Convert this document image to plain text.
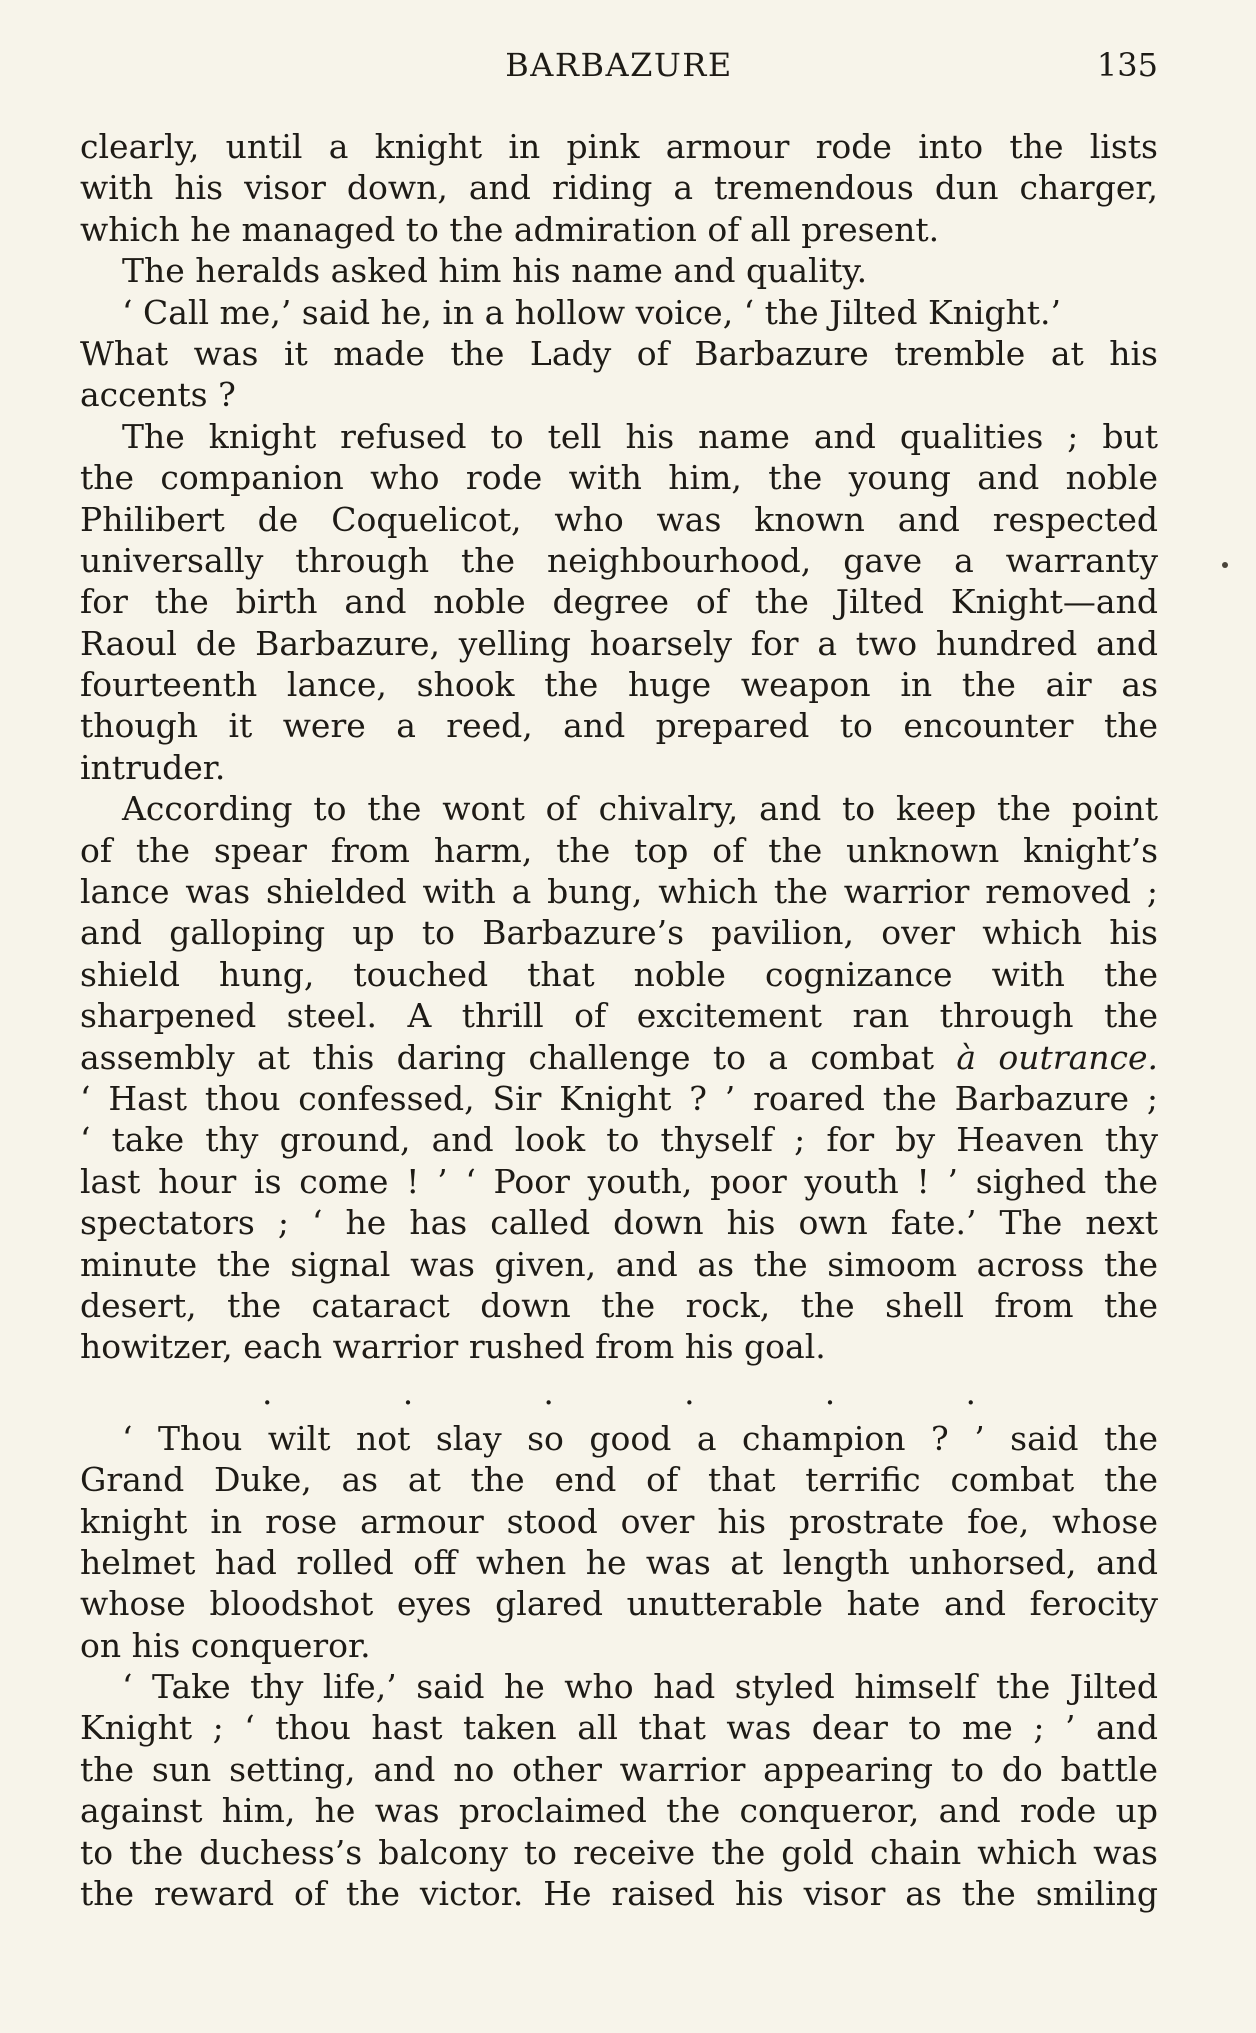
BARBAZURE	135
clearly, until a knight in pink armour rode into the lists
with his visor down, and riding a tremendous dun charger,
which he managed to the admiration of all present.
The heralds asked him his name and quality.
‘ Call me,’ said he, in a hollow voice, ‘ the Jilted Knight.’
What was it made the Lady of Barbazure tremble at his
accents ?
The knight refused to tell his name and qualities ; but
the companion who rode with him, the young and noble
Philibert de Coquelicot, who was known and respected
universally through the neighbourhood, gave a warranty
for the birth and noble degree of the Jilted Knight—and
Raoul de Barbazure, yelling hoarsely for a two hundred and
fourteenth lance, shook the huge weapon in the air as
though it were a reed, and prepared to encounter the
intruder.
According to the wont of chivalry, and to keep the point
of the spear from harm, the top of the unknown knight’s
lance was shielded with a bung, which the warrior removed ;
and galloping up to Barbazure’s pavilion, over which his
shield hung, touched that noble cognizance with the
sharpened steel. A thrill of excitement ran through the
assembly at this daring challenge to a combat à outrance.
‘ Hast thou confessed, Sir Knight ? ’ roared the Barbazure ;
‘ take thy ground, and look to thyself ; for by Heaven thy
last hour is come ! ’ ‘ Poor youth, poor youth ! ’ sighed the
spectators ; ‘ he has called down his own fate.’ The next
minute the signal was given, and as the simoom across the
desert, the cataract down the rock, the shell from the
howitzer, each warrior rushed from his goal.
.	.	.	.	.	.
‘ Thou wilt not slay so good a champion ? ’ said the
Grand Duke, as at the end of that terrific combat the
knight in rose armour stood over his prostrate foe, whose
helmet had rolled off when he was at length unhorsed, and
whose bloodshot eyes glared unutterable hate and ferocity
on his conqueror.
‘ Take thy life,’ said he who had styled himself the Jilted
Knight ; ‘ thou hast taken all that was dear to me ; ’ and
the sun setting, and no other warrior appearing to do battle
against him, he was proclaimed the conqueror, and rode up
to the duchess’s balcony to receive the gold chain which was
the reward of the victor. He raised his visor as the smiling
